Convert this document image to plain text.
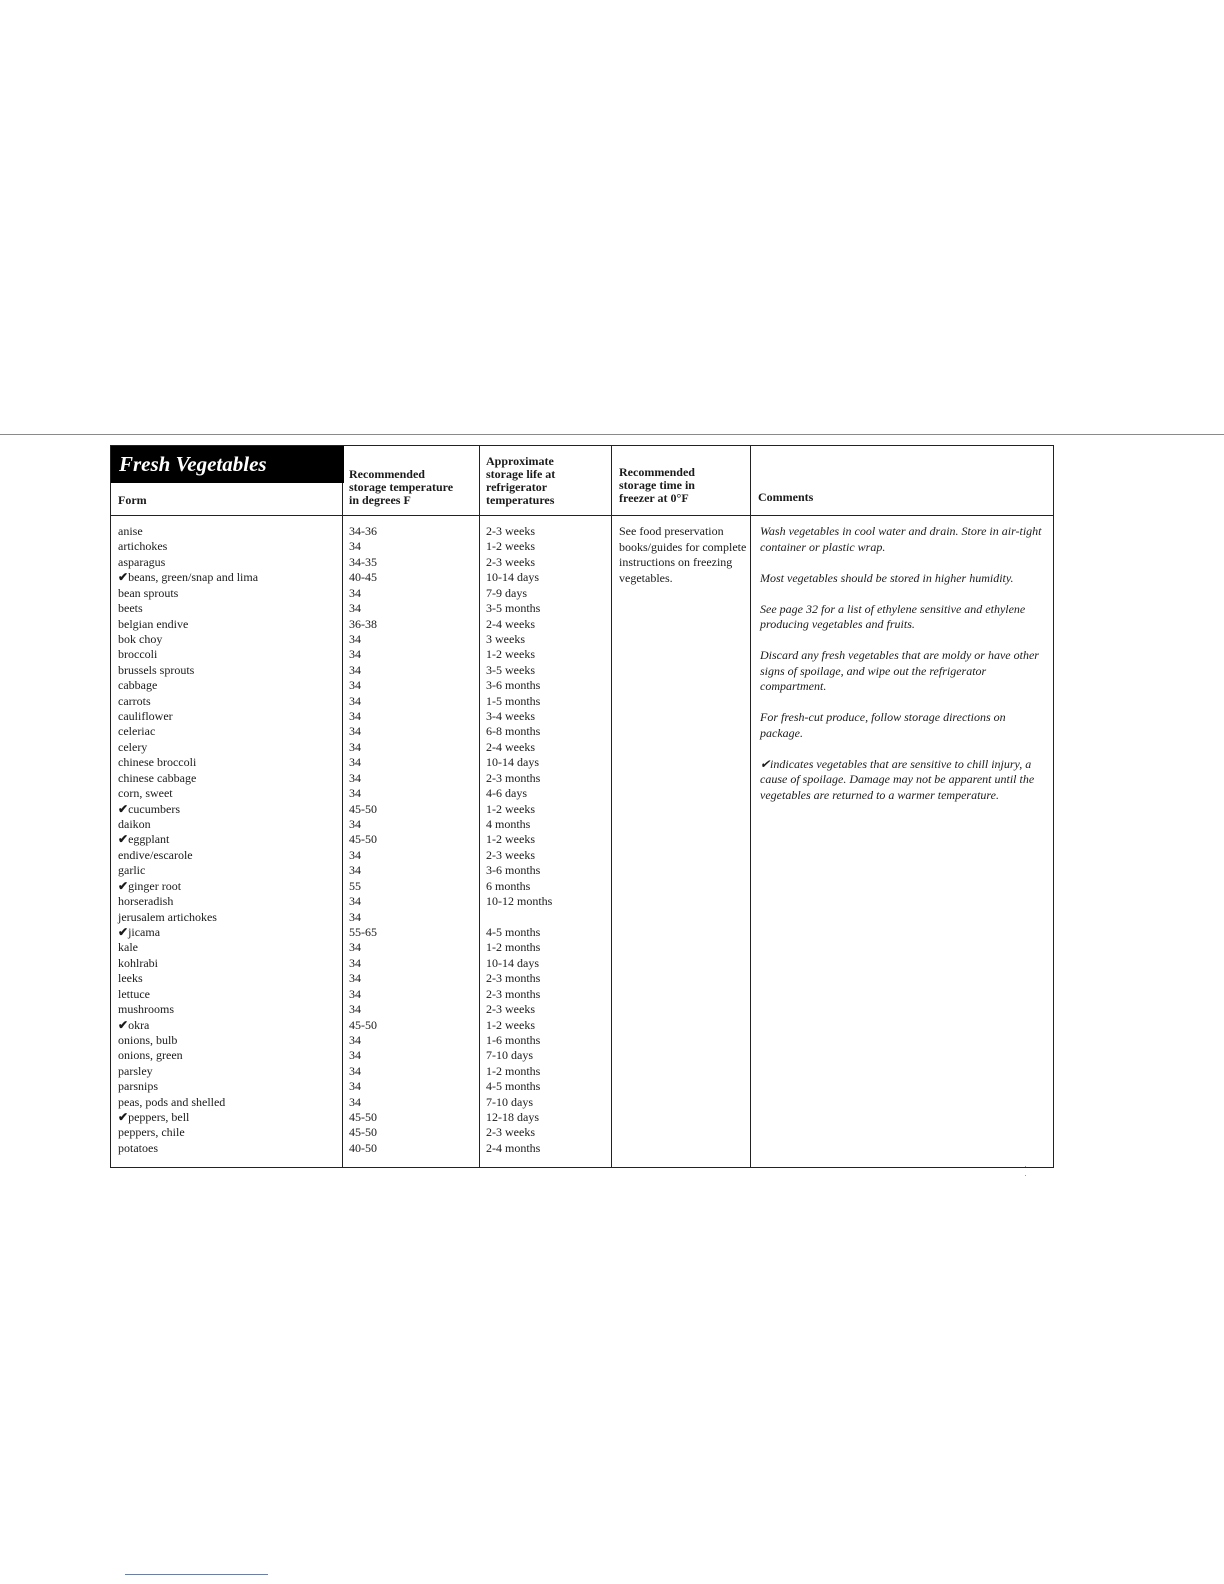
Fresh Vegetables
Form
Recommended
storage temperature
in degrees F
Approximate
storage life at
refrigerator
temperatures
Recommended
storage time in
freezer at 0°F	Comments
anise
artichokes
asparagus
✔beans, green/snap and lima
bean sprouts
beets
belgian endive
bok choy
broccoli
brussels sprouts
cabbage
carrots
cauliflower
celeriac
celery
chinese broccoli
chinese cabbage
corn, sweet
✔cucumbers
daikon
✔eggplant
endive/escarole
garlic
✔ginger root
horseradish
jerusalem artichokes
✔jicama
kale
kohlrabi
leeks
lettuce
mushrooms
✔okra
onions, bulb
onions, green
parsley
parsnips
peas, pods and shelled
✔peppers, bell
peppers, chile
potatoes
34-36
34
34-35
40-45
34
34
36-38
34
34
34
34
34
34
34
34
34
34
34
45-50
34
45-50
34
34
55
34
34
55-65
34
34
34
34
34
45-50
34
34
34
34
34
45-50
45-50
40-50
2-3 weeks
1-2 weeks
2-3 weeks
10-14 days
7-9 days
3-5 months
2-4 weeks
3 weeks
1-2 weeks
3-5 weeks
3-6 months
1-5 months
3-4 weeks
6-8 months
2-4 weeks
10-14 days
2-3 months
4-6 days
1-2 weeks
4 months
1-2 weeks
2-3 weeks
3-6 months
6 months
10-12 months
4-5 months
1-2 months
10-14 days
2-3 months
2-3 months
2-3 weeks
1-2 weeks
1-6 months
7-10 days
1-2 months
4-5 months
7-10 days
12-18 days
2-3 weeks
2-4 months
See food preservation books/guides for complete instructions on freezing vegetables.

Wash vegetables in cool water and drain. Store in air-tight container or plastic wrap.

Most vegetables should be stored in higher humidity.

See page 32 for a list of ethylene sensitive and ethylene producing vegetables and fruits.

Discard any fresh vegetables that are moldy or have other signs of spoilage, and wipe out the refrigerator compartment.

For fresh-cut produce, follow storage directions on package.

✔indicates vegetables that are sensitive to chill injury, a cause of spoilage. Damage may not be apparent until the vegetables are returned to a warmer temperature.
